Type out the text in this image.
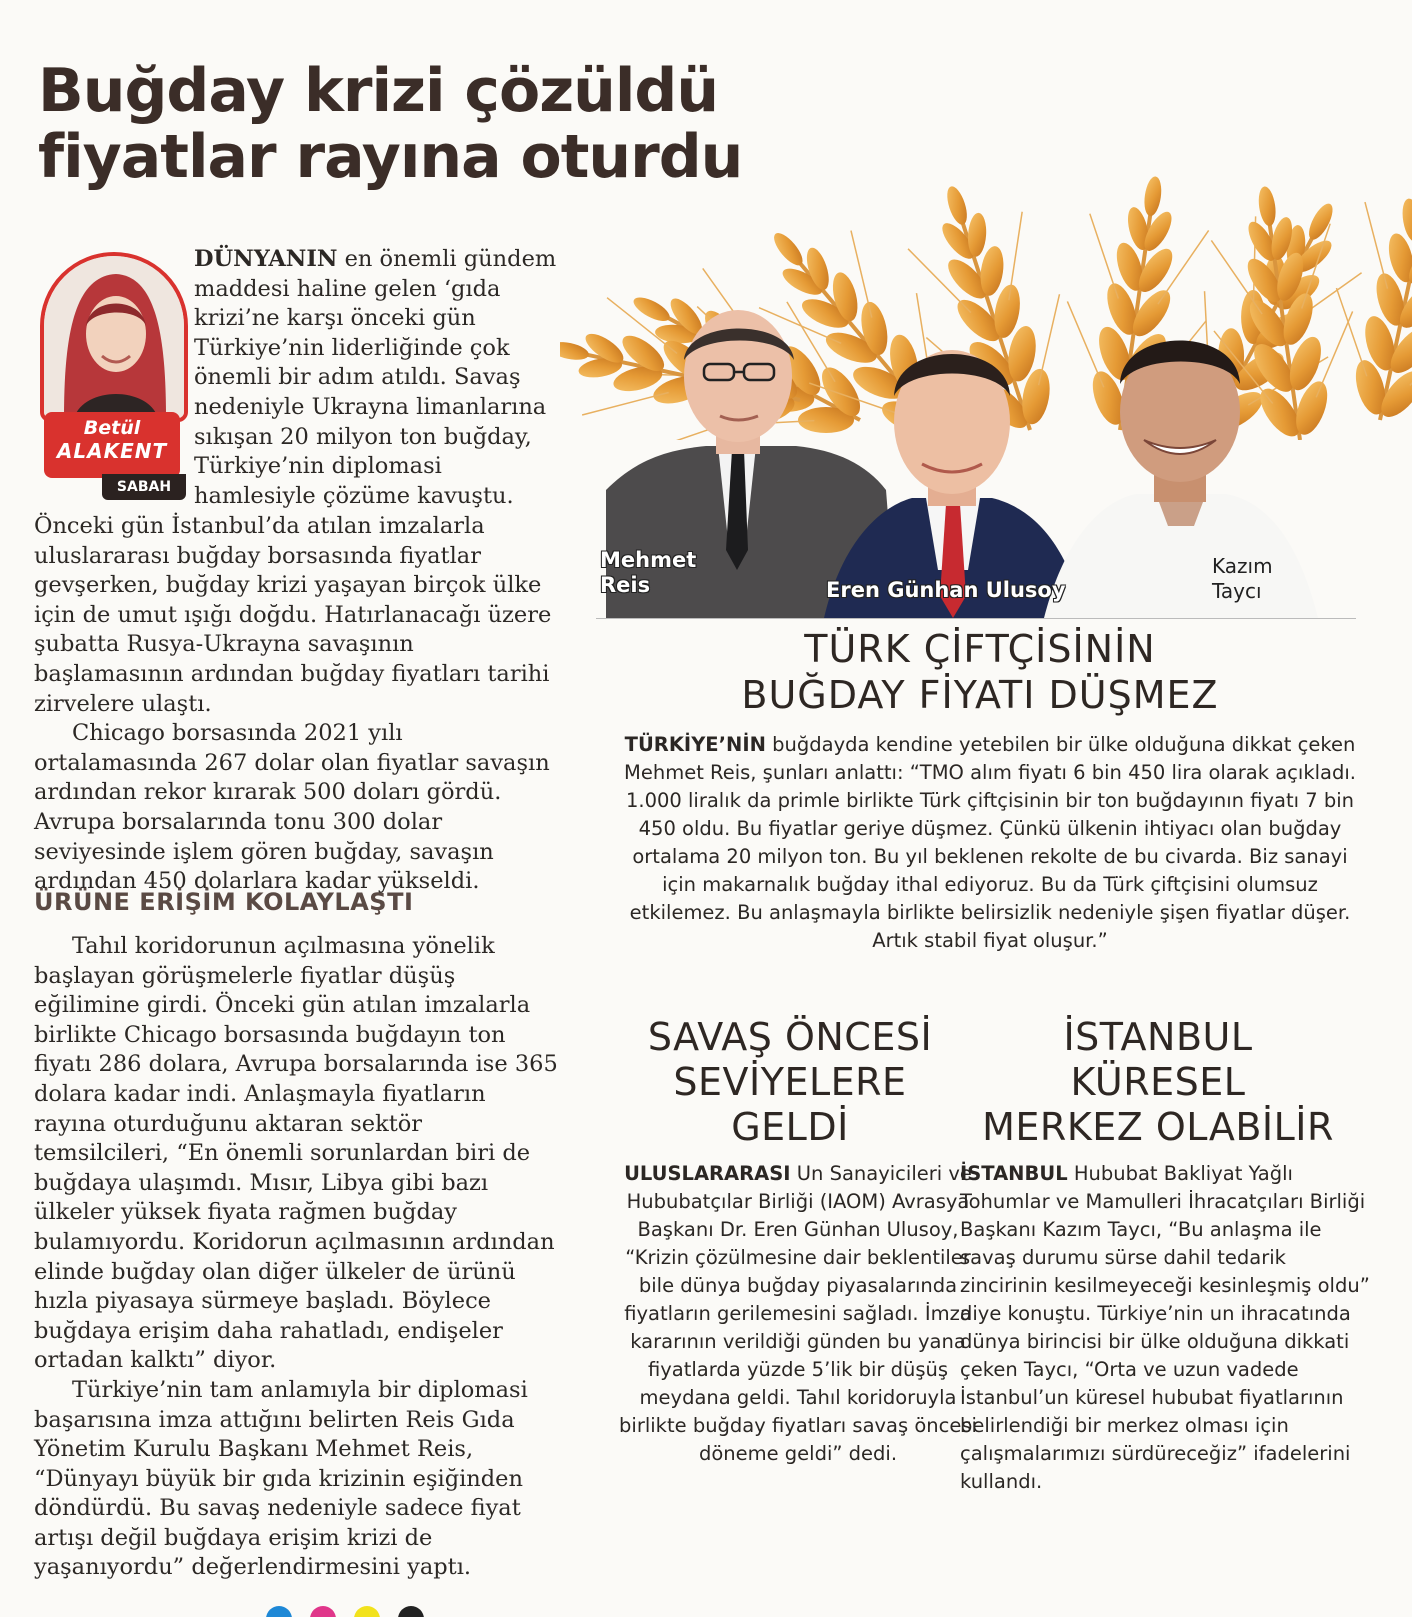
Buğday krizi çözüldü
fiyatlar rayına oturdu
Betül
ALAKENT
SABAH
DÜNYANIN en önemli gündem maddesi haline gelen ‘gıda krizi’ne karşı önceki gün Türkiye’nin liderliğinde çok önemli bir adım atıldı. Savaş nedeniyle Ukrayna limanlarına sıkışan 20 milyon ton buğday, Türkiye’nin diplomasi hamlesiyle çözüme kavuştu.

Önceki gün İstanbul’da atılan imzalarla uluslararası buğday borsasında fiyatlar gevşerken, buğday krizi yaşayan birçok ülke için de umut ışığı doğdu. Hatırlanacağı üzere şubatta Rusya-Ukrayna savaşının başlamasının ardından buğday fiyatları tarihi zirvelere ulaştı.

Chicago borsasında 2021 yılı ortalamasında 267 dolar olan fiyatlar savaşın ardından rekor kırarak 500 doları gördü. Avrupa borsalarında tonu 300 dolar seviyesinde işlem gören buğday, savaşın ardından 450 dolarlara kadar yükseldi.

ÜRÜNE ERİŞİM KOLAYLAŞTI

Tahıl koridorunun açılmasına yönelik başlayan görüşmelerle fiyatlar düşüş eğilimine girdi. Önceki gün atılan imzalarla birlikte Chicago borsasında buğdayın ton fiyatı 286 dolara, Avrupa borsalarında ise 365 dolara kadar indi. Anlaşmayla fiyatların rayına oturduğunu aktaran sektör temsilcileri, “En önemli sorunlardan biri de buğdaya ulaşımdı. Mısır, Libya gibi bazı ülkeler yüksek fiyata rağmen buğday bulamıyordu. Koridorun açılmasının ardından elinde buğday olan diğer ülkeler de ürünü hızla piyasaya sürmeye başladı. Böylece buğdaya erişim daha rahatladı, endişeler ortadan kalktı” diyor.

Türkiye’nin tam anlamıyla bir diplomasi başarısına imza attığını belirten Reis Gıda Yönetim Kurulu Başkanı Mehmet Reis, “Dünyayı büyük bir gıda krizinin eşiğinden döndürdü. Bu savaş nedeniyle sadece fiyat artışı değil buğdaya erişim krizi de yaşanıyordu” değerlendirmesini yaptı.

Mehmet
Reis	Eren Günhan Ulusoy
Kazım
Taycı
TÜRK ÇİFTÇİSİNİN
BUĞDAY FİYATI DÜŞMEZ
TÜRKİYE’NİN buğdayda kendine yetebilen bir ülke olduğuna dikkat çeken Mehmet Reis, şunları anlattı: “TMO alım fiyatı 6 bin 450 lira olarak açıkladı. 1.000 liralık da primle birlikte Türk çiftçisinin bir ton buğdayının fiyatı 7 bin 450 oldu. Bu fiyatlar geriye düşmez. Çünkü ülkenin ihtiyacı olan buğday ortalama 20 milyon ton. Bu yıl beklenen rekolte de bu civarda. Biz sanayi için makarnalık buğday ithal ediyoruz. Bu da Türk çiftçisini olumsuz etkilemez. Bu anlaşmayla birlikte belirsizlik nedeniyle şişen fiyatlar düşer. Artık stabil fiyat oluşur.”
SAVAŞ ÖNCESİ
SEVİYELERE
GELDİ
ULUSLARARASI Un Sanayicileri ve Hububatçılar Birliği (IAOM) Avrasya Başkanı Dr. Eren Günhan Ulusoy, “Krizin çözülmesine dair beklentiler bile dünya buğday piyasalarında fiyatların gerilemesini sağladı. İmza kararının verildiği günden bu yana fiyatlarda yüzde 5’lik bir düşüş meydana geldi. Tahıl koridoruyla birlikte buğday fiyatları savaş öncesi döneme geldi” dedi.
İSTANBUL
KÜRESEL
MERKEZ OLABİLİR
İSTANBUL Hububat Bakliyat Yağlı Tohumlar ve Mamulleri İhracatçıları Birliği Başkanı Kazım Taycı, “Bu anlaşma ile savaş durumu sürse dahil tedarik zincirinin kesilmeyeceği kesinleşmiş oldu” diye konuştu. Türkiye’nin un ihracatında dünya birincisi bir ülke olduğuna dikkati çeken Taycı, “Orta ve uzun vadede İstanbul’un küresel hububat fiyatlarının belirlendiği bir merkez olması için çalışmalarımızı sürdüreceğiz” ifadelerini kullandı.
